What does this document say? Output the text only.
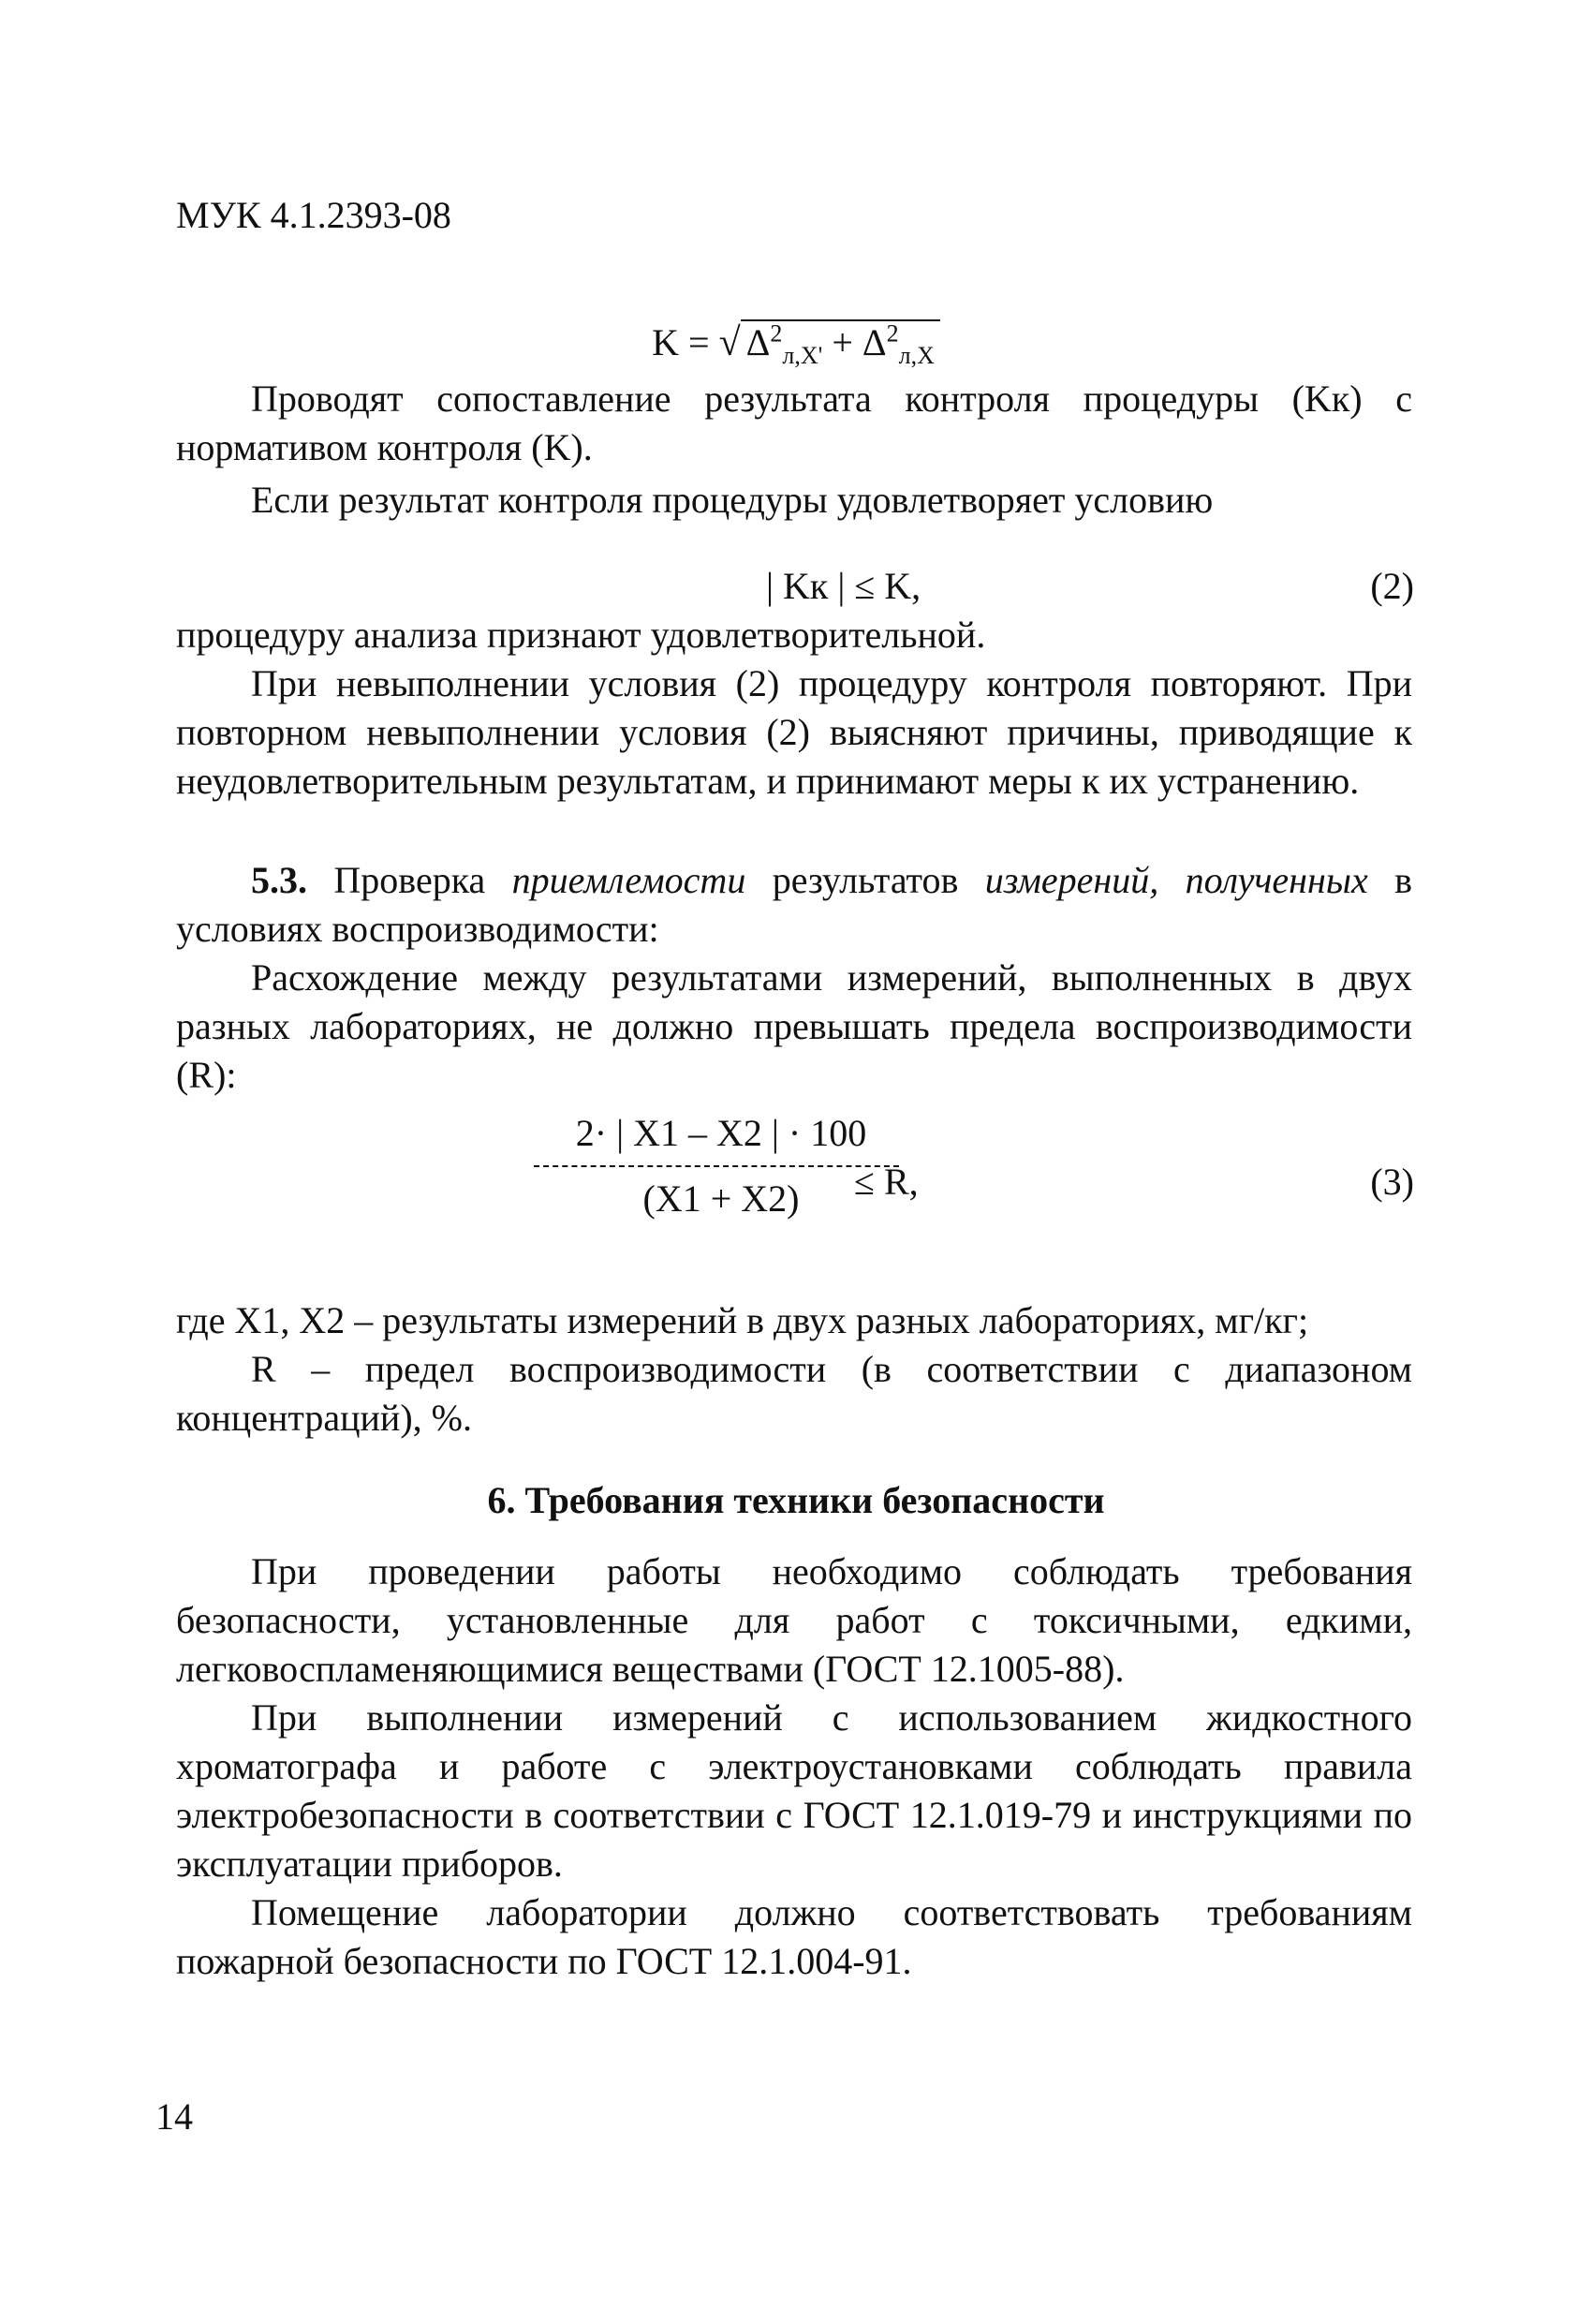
МУК 4.1.2393-08
K = √ $\Delta^2_{л,X'} + \Delta^2_{л,X}$
Проводят сопоставление результата контроля процедуры (Kк) с нормативом контроля (K).
Если результат контроля процедуры удовлетворяет условию
| Kк | ≤ K,	(2)
процедуру анализа признают удовлетворительной.
При невыполнении условия (2) процедуру контроля повторяют. При повторном невыполнении условия (2) выясняют причины, приводящие к неудовлетворительным результатам, и принимают меры к их устранению.
5.3. Проверка приемлемости результатов измерений, полученных в условиях воспроизводимости:
Расхождение между результатами измерений, выполненных в двух разных лабораториях, не должно превышать предела воспроизводимости (R):
2· | X1 – X2 | · 100
(X1 + X2)	≤ R,	(3)
где X1, X2 – результаты измерений в двух разных лабораториях, мг/кг;
R – предел воспроизводимости (в соответствии с диапазоном концентраций), %.
6. Требования техники безопасности
При проведении работы необходимо соблюдать требования безопасности, установленные для работ с токсичными, едкими, легковоспламеняющимися веществами (ГОСТ 12.1005-88).
При выполнении измерений с использованием жидкостного хроматографа и работе с электроустановками соблюдать правила электробезопасности в соответствии с ГОСТ 12.1.019-79 и инструкциями по эксплуатации приборов.
Помещение лаборатории должно соответствовать требованиям пожарной безопасности по ГОСТ 12.1.004-91.
14
